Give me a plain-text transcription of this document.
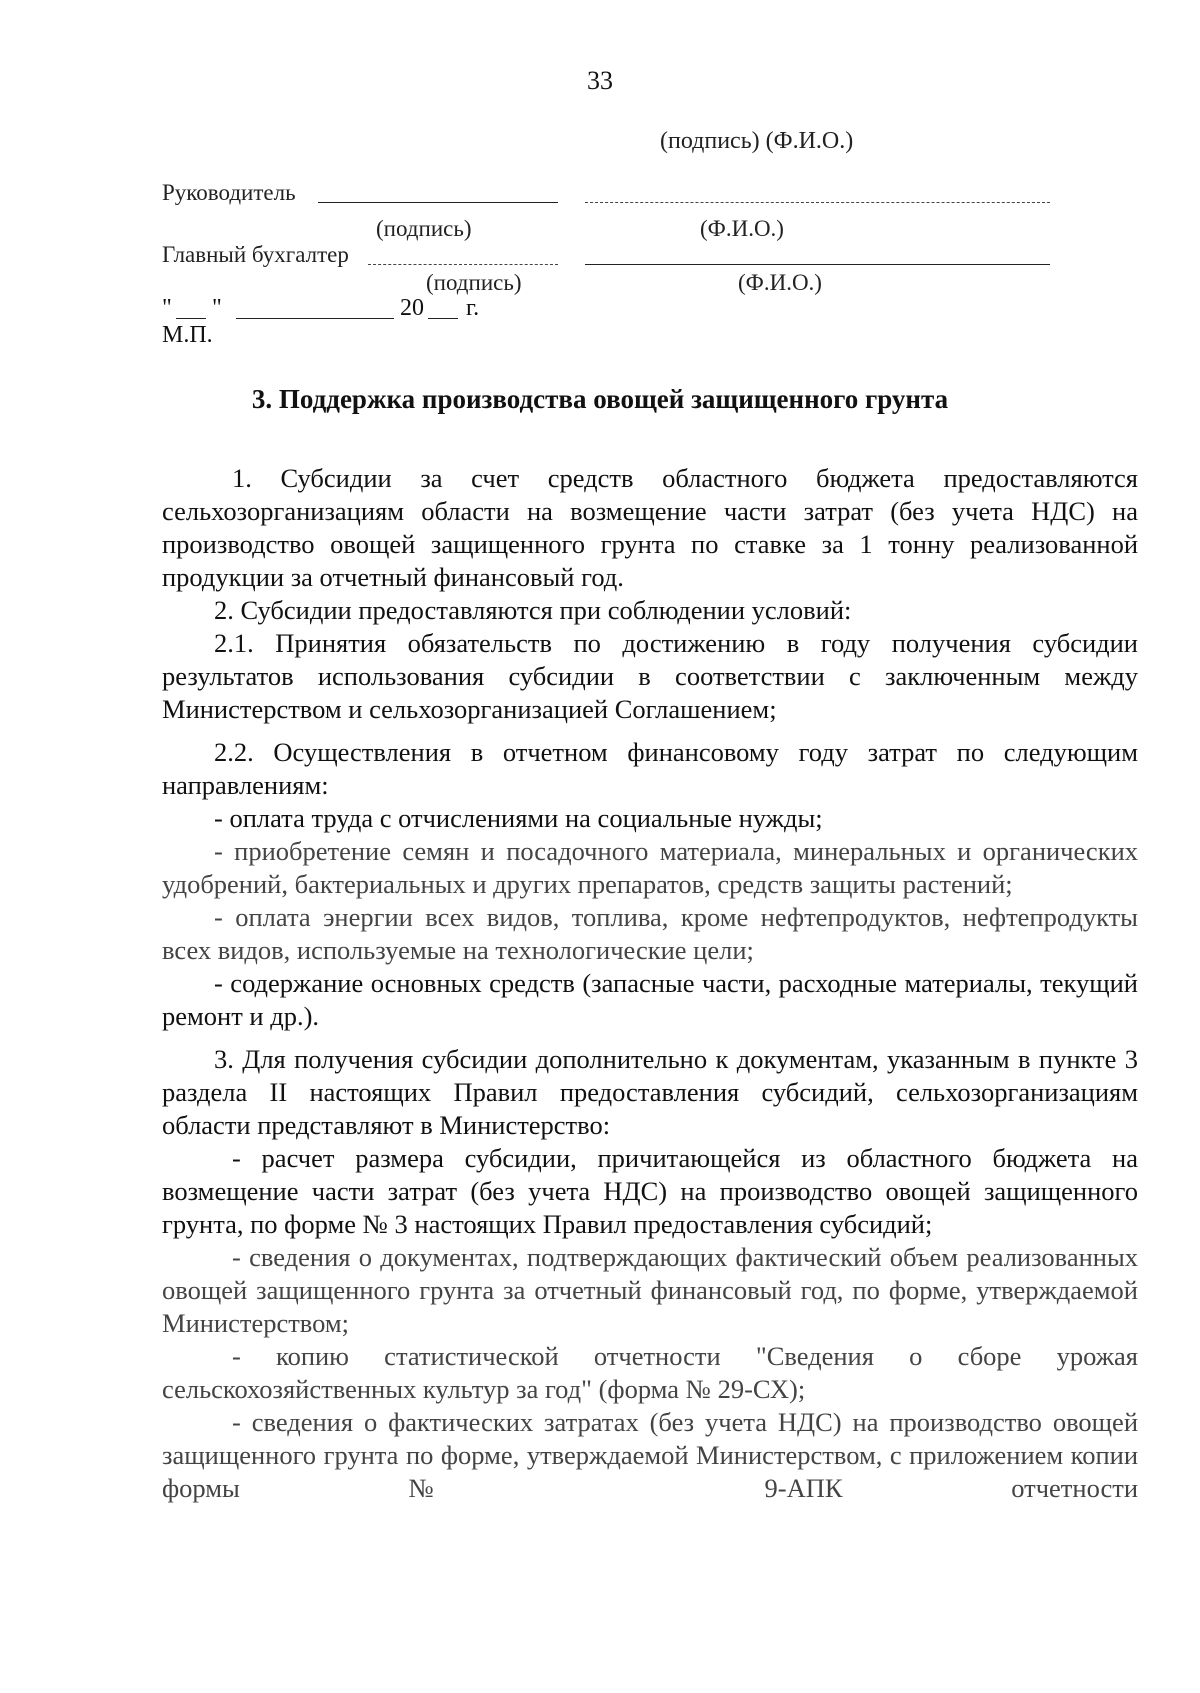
33
(подпись) (Ф.И.О.)
Руководитель
(подпись)	(Ф.И.О.)
Главный бухгалтер
(подпись)	(Ф.И.О.)
" "	20 г.
М.П.
3. Поддержка производства овощей защищенного грунта

1. Субсидии за счет средств областного бюджета предоставляются сельхозорганизациям области на возмещение части затрат (без учета НДС) на производство овощей защищенного грунта по ставке за 1 тонну реализованной продукции за отчетный финансовый год.

2. Субсидии предоставляются при соблюдении условий:

2.1. Принятия обязательств по достижению в году получения субсидии результатов использования субсидии в соответствии с заключенным между Министерством и сельхозорганизацией Соглашением;

2.2. Осуществления в отчетном финансовому году затрат по следующим направлениям:

- оплата труда с отчислениями на социальные нужды;

- приобретение семян и посадочного материала, минеральных и органических удобрений, бактериальных и других препаратов, средств защиты растений;

- оплата энергии всех видов, топлива, кроме нефтепродуктов, нефтепродукты всех видов, используемые на технологические цели;

- содержание основных средств (запасные части, расходные материалы, текущий ремонт и др.).

3. Для получения субсидии дополнительно к документам, указанным в пункте 3 раздела II настоящих Правил предоставления субсидий, сельхозорганизациям области представляют в Министерство:

- расчет размера субсидии, причитающейся из областного бюджета на возмещение части затрат (без учета НДС) на производство овощей защищенного грунта, по форме № 3 настоящих Правил предоставления субсидий;

- сведения о документах, подтверждающих фактический объем реализованных овощей защищенного грунта за отчетный финансовый год, по форме, утверждаемой Министерством;

- копию статистической отчетности "Сведения о сборе урожая сельскохозяйственных культур за год" (форма № 29-СХ);

- сведения о фактических затратах (без учета НДС) на производство овощей защищенного грунта по форме, утверждаемой Министерством, с приложением копии формы № 9-АПК отчетности
